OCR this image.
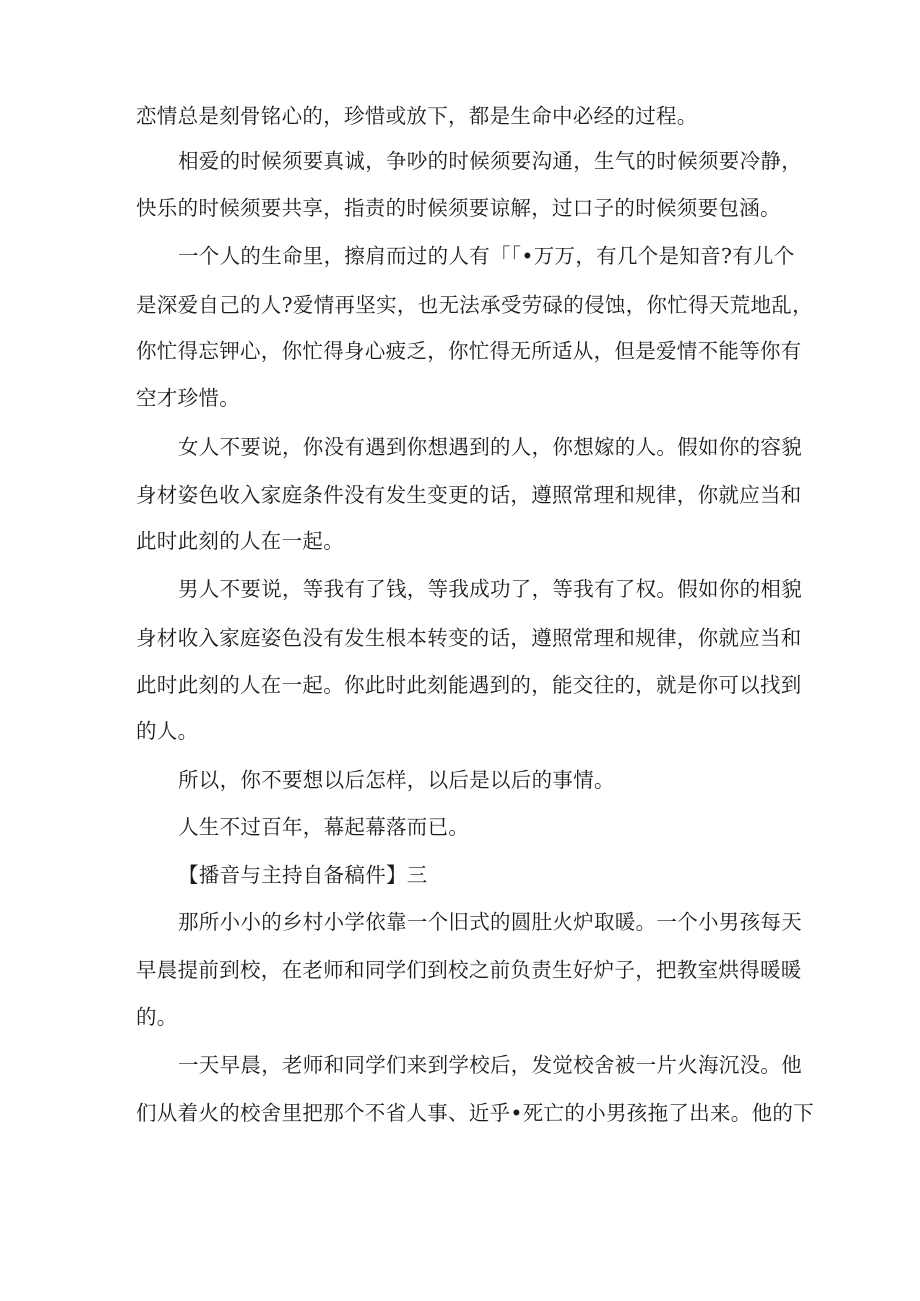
恋情总是刻骨铭心的，珍惜或放下，都是生命中必经的过程。
相爱的时候须要真诚，争吵的时候须要沟通，生气的时候须要冷静，
快乐的时候须要共享，指责的时候须要谅解，过口子的时候须要包涵。
一个人的生命里，擦肩而过的人有「「•万万，有几个是知音?有儿个
是深爱自己的人?爱情再坚实，也无法承受劳碌的侵蚀，你忙得天荒地乱，
你忙得忘钾心，你忙得身心疲乏，你忙得无所适从，但是爱情不能等你有
空才珍惜。
女人不要说，你没有遇到你想遇到的人，你想嫁的人。假如你的容貌
身材姿色收入家庭条件没有发生变更的话，遵照常理和规律，你就应当和
此时此刻的人在一起。
男人不要说，等我有了钱，等我成功了，等我有了权。假如你的相貌
身材收入家庭姿色没有发生根本转变的话，遵照常理和规律，你就应当和
此时此刻的人在一起。你此时此刻能遇到的，能交往的，就是你可以找到
的人。
所以，你不要想以后怎样，以后是以后的事情。
人生不过百年，幕起幕落而已。
【播音与主持自备稿件】三
那所小小的乡村小学依靠一个旧式的圆肚火炉取暖。一个小男孩每天
早晨提前到校，在老师和同学们到校之前负责生好炉子，把教室烘得暖暖
的。
一天早晨，老师和同学们来到学校后，发觉校舍被一片火海沉没。他
们从着火的校舍里把那个不省人事、近乎•死亡的小男孩拖了出来。他的下
